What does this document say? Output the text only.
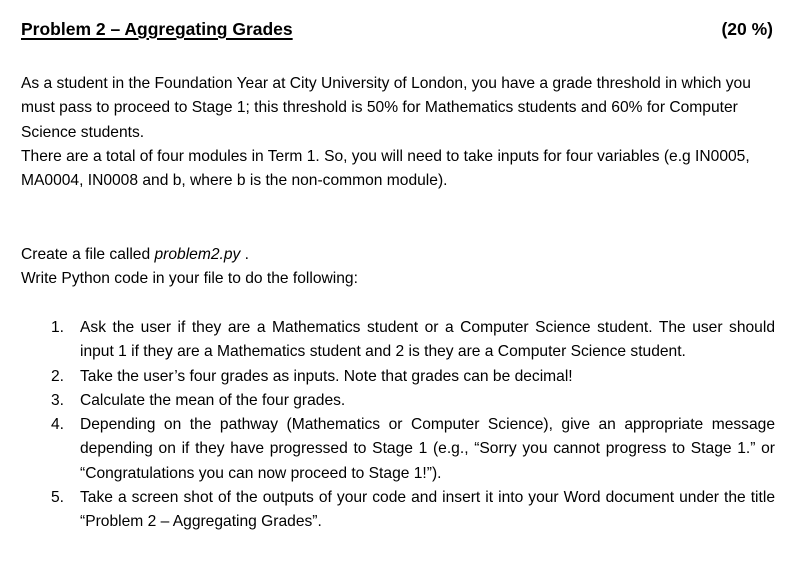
Problem 2 – Aggregating Grades	(20 %)

As a student in the Foundation Year at City University of London, you have a grade threshold in which you must pass to proceed to Stage 1; this threshold is 50% for Mathematics students and 60% for Computer Science students.

There are a total of four modules in Term 1. So, you will need to take inputs for four variables (e.g IN0005, MA0004, IN0008 and b, where b is the non-common module).

Create a file called problem2.py .

Write Python code in your file to do the following:

1. Ask the user if they are a Mathematics student or a Computer Science student. The user should input 1 if they are a Mathematics student and 2 is they are a Computer Science student.
2. Take the user’s four grades as inputs. Note that grades can be decimal!
3. Calculate the mean of the four grades.
4. Depending on the pathway (Mathematics or Computer Science), give an appropriate message depending on if they have progressed to Stage 1 (e.g., “Sorry you cannot progress to Stage 1.” or “Congratulations you can now proceed to Stage 1!”).
5. Take a screen shot of the outputs of your code and insert it into your Word document under the title “Problem 2 – Aggregating Grades”.
